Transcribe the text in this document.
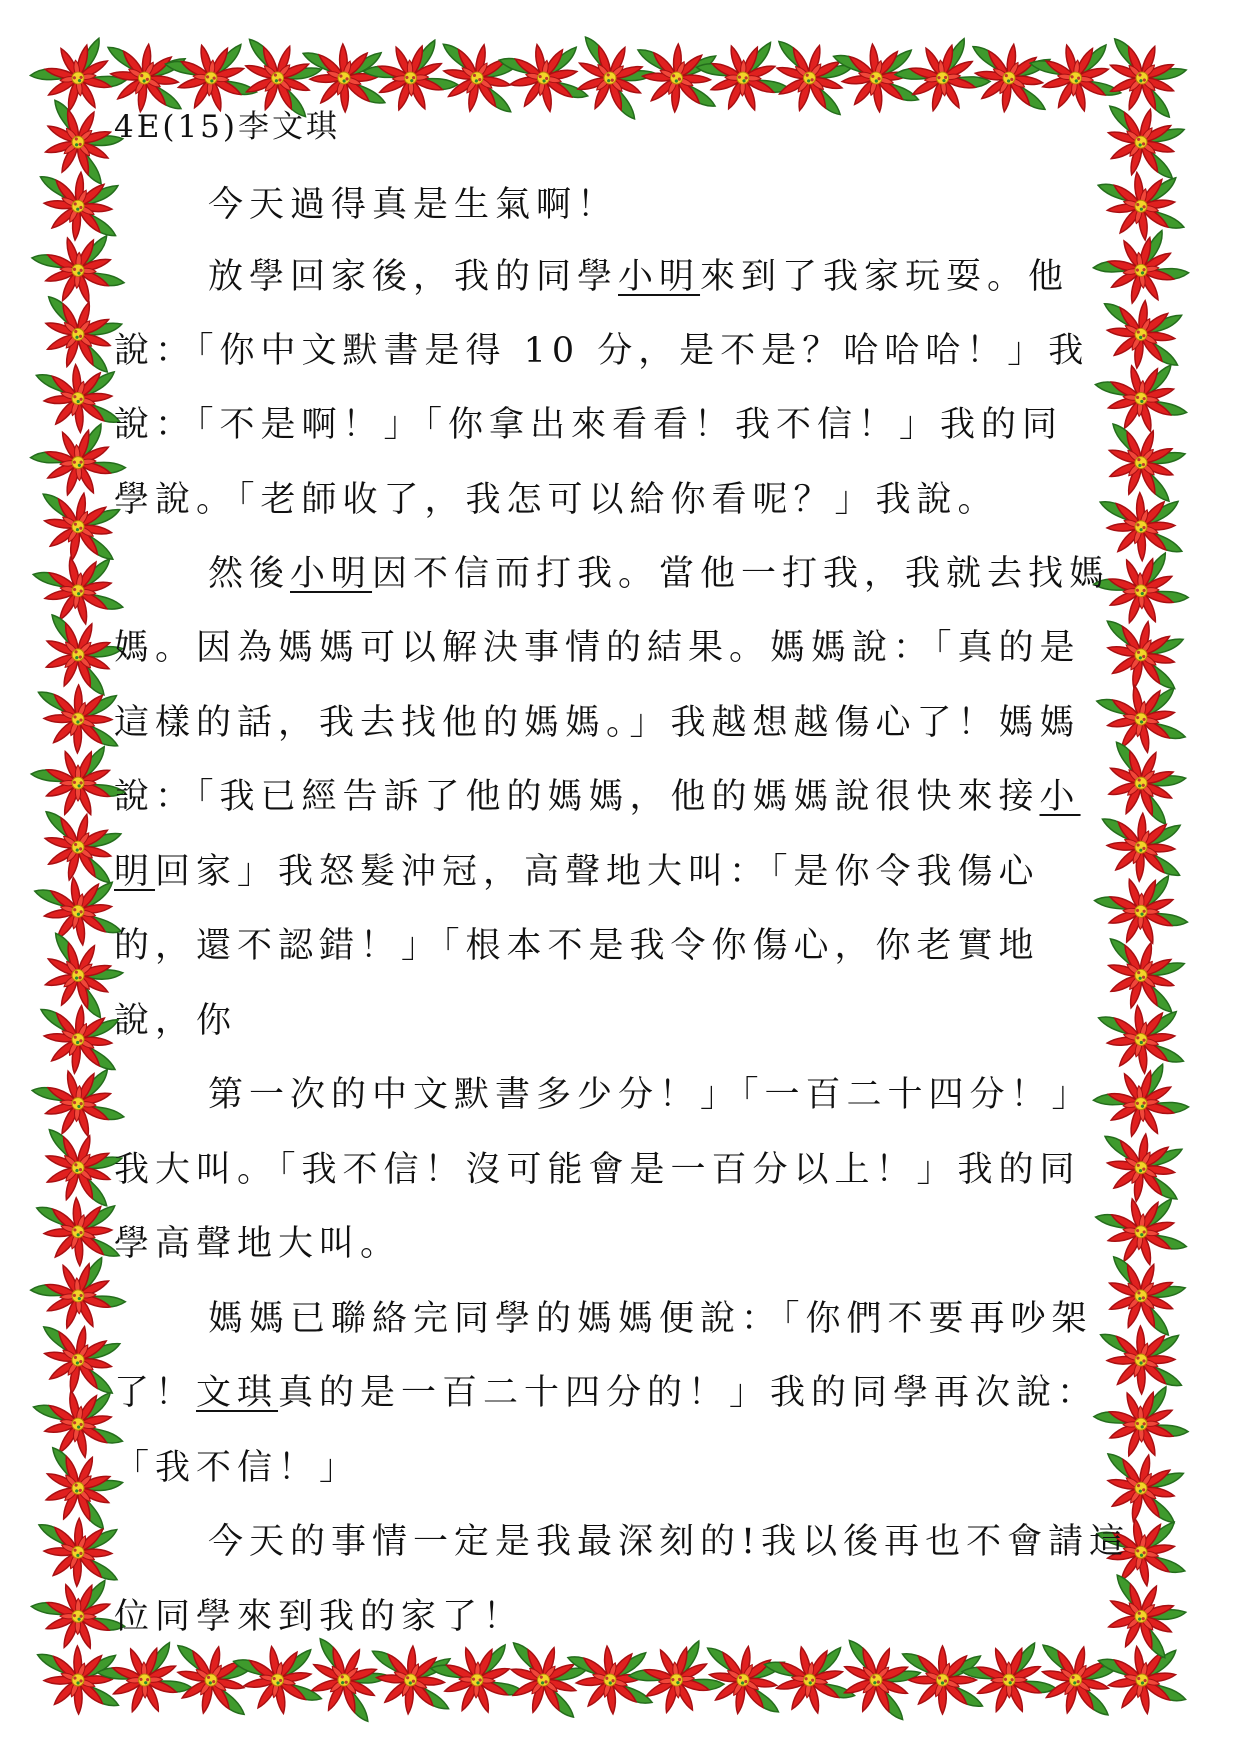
4E(15)李文琪
今天過得真是生氣啊！
放學回家後，我的同學小明來到了我家玩耍。他
說：「你中文默書是得 10 分，是不是？哈哈哈！」我
說：「不是啊！」「你拿出來看看！我不信！」我的同
學說。「老師收了，我怎可以給你看呢？」我說。
然後小明因不信而打我。當他一打我，我就去找媽
媽。因為媽媽可以解決事情的結果。媽媽說：「真的是
這樣的話，我去找他的媽媽。」我越想越傷心了！媽媽
說：「我已經告訴了他的媽媽，他的媽媽說很快來接小
明回家」我怒髮沖冠，高聲地大叫：「是你令我傷心
的，還不認錯！」「根本不是我令你傷心，你老實地
說，你
第一次的中文默書多少分！」「一百二十四分！」
我大叫。「我不信！沒可能會是一百分以上！」我的同
學高聲地大叫。
媽媽已聯絡完同學的媽媽便說：「你們不要再吵架
了！文琪真的是一百二十四分的！」我的同學再次說：
「我不信！」
今天的事情一定是我最深刻的!我以後再也不會請這
位同學來到我的家了！
